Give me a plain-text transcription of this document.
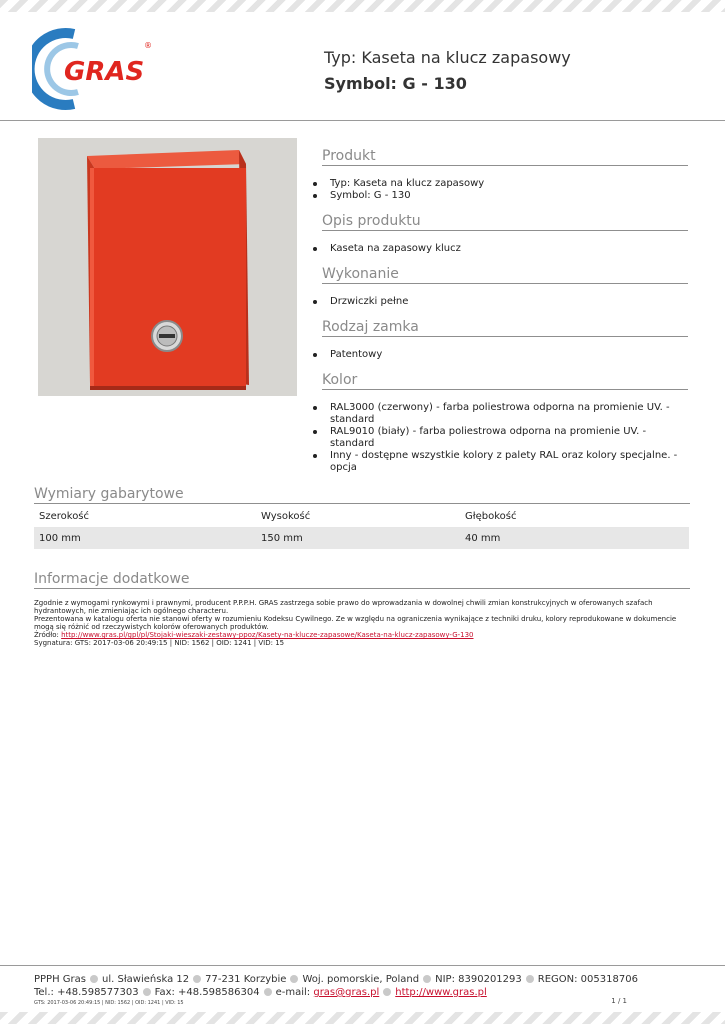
GRAS
®
Typ: Kaseta na klucz zapasowy
Symbol: G - 130
Produkt
Typ: Kaseta na klucz zapasowy
Symbol: G - 130
Opis produktu
Kaseta na zapasowy klucz
Wykonanie
Drzwiczki pełne
Rodzaj zamka
Patentowy
Kolor
RAL3000 (czerwony) - farba poliestrowa odporna na promienie UV. - standard
RAL9010 (biały) - farba poliestrowa odporna na promienie UV. - standard
Inny - dostępne wszystkie kolory z palety RAL oraz kolory specjalne. - opcja
Wymiary gabarytowe
Szerokość	Wysokość	Głębokość
100 mm	150 mm	40 mm
Informacje dodatkowe

Zgodnie z wymogami rynkowymi i prawnymi, producent P.P.P.H. GRAS zastrzega sobie prawo do wprowadzania w dowolnej chwili zmian konstrukcyjnych w oferowanych szafach hydrantowych, nie zmieniając ich ogólnego characteru.

Prezentowana w katalogu oferta nie stanowi oferty w rozumieniu Kodeksu Cywilnego. Ze w względu na ograniczenia wynikające z techniki druku, kolory reprodukowane w dokumencie mogą się różnić od rzeczywistych kolorów oferowanych produktów.

Źródło: http://www.gras.pl/gpl/pl/Stojaki-wieszaki-zestawy-ppoz/Kasety-na-klucze-zapasowe/Kaseta-na-klucz-zapasowy-G-130

Sygnatura: GTS: 2017-03-06 20:49:15 | NID: 1562 | OID: 1241 | VID: 15

PPPH Gras ul. Sławieńska 12 77-231 Korzybie Woj. pomorskie, Poland NIP: 8390201293 REGON: 005318706
Tel.: +48.598577303 Fax: +48.598586304 e-mail: gras@gras.pl http://www.gras.pl
GTS: 2017-03-06 20:49:15 | NID: 1562 | OID: 1241 | VID: 15	1 / 1
